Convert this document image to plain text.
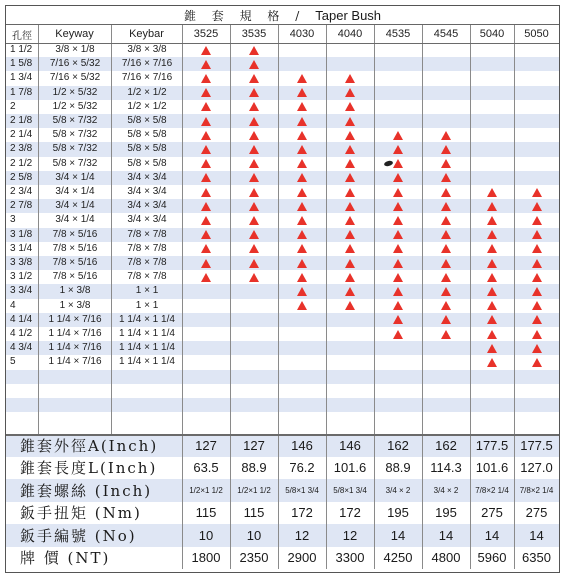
錐 套 規 格 / Taper Bush
孔徑	Keyway	Keybar	3525	3535	4030	4040	4535	4545	5040	5050
1 1/2	3/8 × 1/8	3/8 × 3/8
1 5/8	7/16 × 5/32	7/16 × 7/16
1 3/4	7/16 × 5/32	7/16 × 7/16
1 7/8	1/2 × 5/32	1/2 × 1/2
2	1/2 × 5/32	1/2 × 1/2
2 1/8	5/8 × 7/32	5/8 × 5/8
2 1/4	5/8 × 7/32	5/8 × 5/8
2 3/8	5/8 × 7/32	5/8 × 5/8
2 1/2	5/8 × 7/32	5/8 × 5/8
2 5/8	3/4 × 1/4	3/4 × 3/4
2 3/4	3/4 × 1/4	3/4 × 3/4
2 7/8	3/4 × 1/4	3/4 × 3/4
3	3/4 × 1/4	3/4 × 3/4
3 1/8	7/8 × 5/16	7/8 × 7/8
3 1/4	7/8 × 5/16	7/8 × 7/8
3 3/8	7/8 × 5/16	7/8 × 7/8
3 1/2	7/8 × 5/16	7/8 × 7/8
3 3/4	1 × 3/8	1 × 1
4	1 × 3/8	1 × 1
4 1/4	1 1/4 × 7/16	1 1/4 × 1 1/4
4 1/2	1 1/4 × 7/16	1 1/4 × 1 1/4
4 3/4	1 1/4 × 7/16	1 1/4 × 1 1/4
5	1 1/4 × 7/16	1 1/4 × 1 1/4
錐套外徑A(Inch)	127	127	146	146	162	162	177.5 177.5
錐套長度L(Inch)	63.5	88.9	76.2	101.6	88.9	114.3	101.6 127.0
錐套螺絲 (Inch)	1/2×1 1/2	1/2×1 1/2	5/8×1 3/4	5/8×1 3/4	3/4 × 2	3/4 × 2	7/8×2 1/4	7/8×2 1/4
鈑手扭矩 (Nm)	115	115	172	172	195	195	275	275
鈑手編號 (No)	10	10	12	12	14	14	14	14
牌 價 (NT)	1800	2350	2900	3300	4250	4800	5960	6350
